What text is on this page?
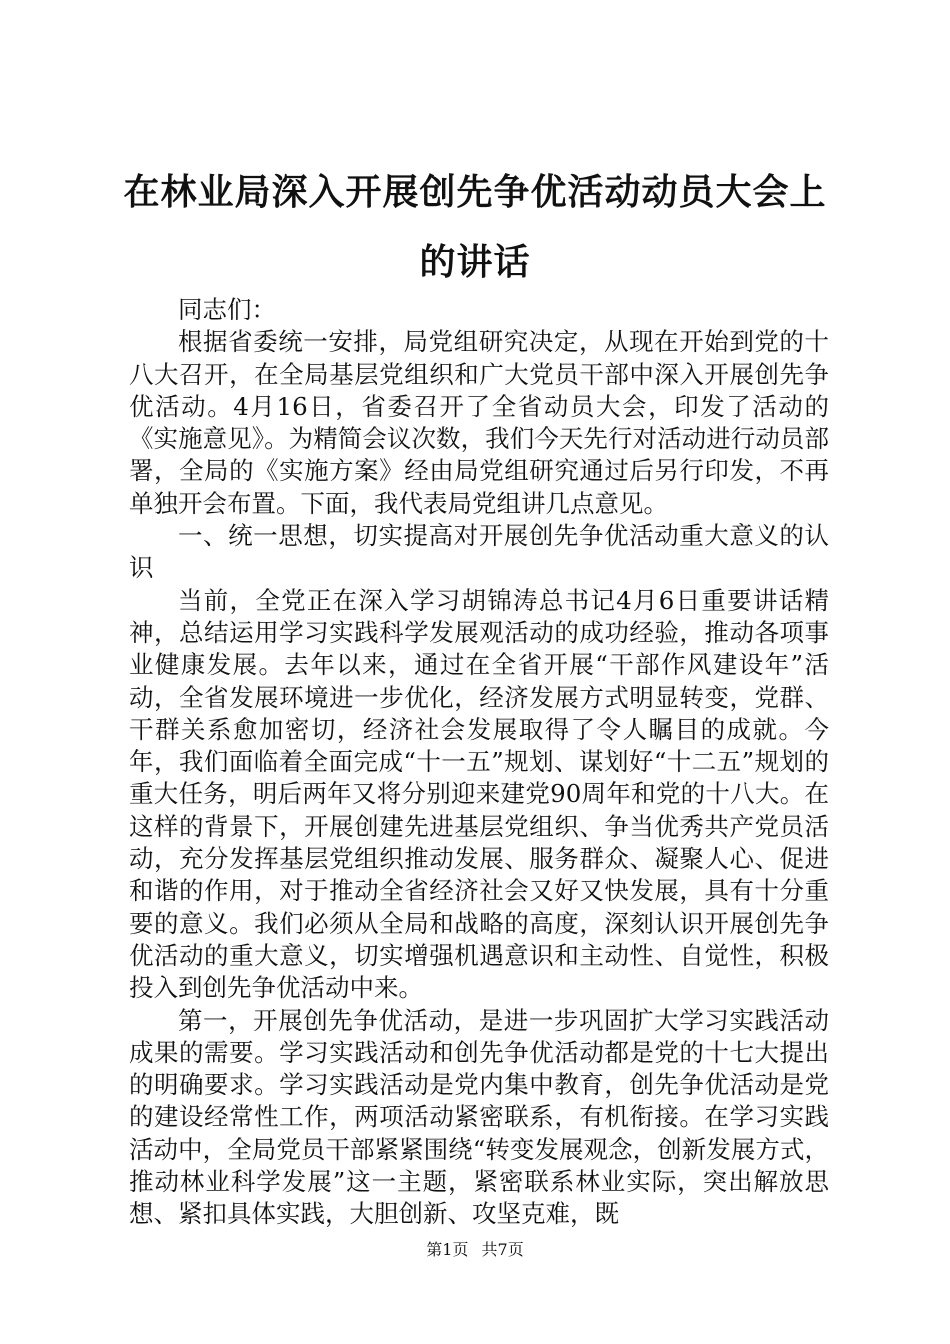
在林业局深入开展创先争优活动动员大会上的讲话

同志们：

根据省委统一安排，局党组研究决定，从现在开始到党的十八大召开，在全局基层党组织和广大党员干部中深入开展创先争优活动。4月16日，省委召开了全省动员大会，印发了活动的《实施意见》。为精简会议次数，我们今天先行对活动进行动员部署，全局的《实施方案》经由局党组研究通过后另行印发，不再单独开会布置。下面，我代表局党组讲几点意见。

一、统一思想，切实提高对开展创先争优活动重大意义的认识

当前，全党正在深入学习胡锦涛总书记4月6日重要讲话精神，总结运用学习实践科学发展观活动的成功经验，推动各项事业健康发展。去年以来，通过在全省开展“干部作风建设年”活动，全省发展环境进一步优化，经济发展方式明显转变，党群、干群关系愈加密切，经济社会发展取得了令人瞩目的成就。今年，我们面临着全面完成“十一五”规划、谋划好“十二五”规划的重大任务，明后两年又将分别迎来建党90周年和党的十八大。在这样的背景下，开展创建先进基层党组织、争当优秀共产党员活动，充分发挥基层党组织推动发展、服务群众、凝聚人心、促进和谐的作用，对于推动全省经济社会又好又快发展，具有十分重要的意义。我们必须从全局和战略的高度，深刻认识开展创先争优活动的重大意义，切实增强机遇意识和主动性、自觉性，积极投入到创先争优活动中来。

第一，开展创先争优活动，是进一步巩固扩大学习实践活动成果的需要。学习实践活动和创先争优活动都是党的十七大提出的明确要求。学习实践活动是党内集中教育，创先争优活动是党的建设经常性工作，两项活动紧密联系，有机衔接。在学习实践活动中，全局党员干部紧紧围绕“转变发展观念，创新发展方式，推动林业科学发展”这一主题，紧密联系林业实际，突出解放思想、紧扣具体实践，大胆创新、攻坚克难，既

第1页 共7页
